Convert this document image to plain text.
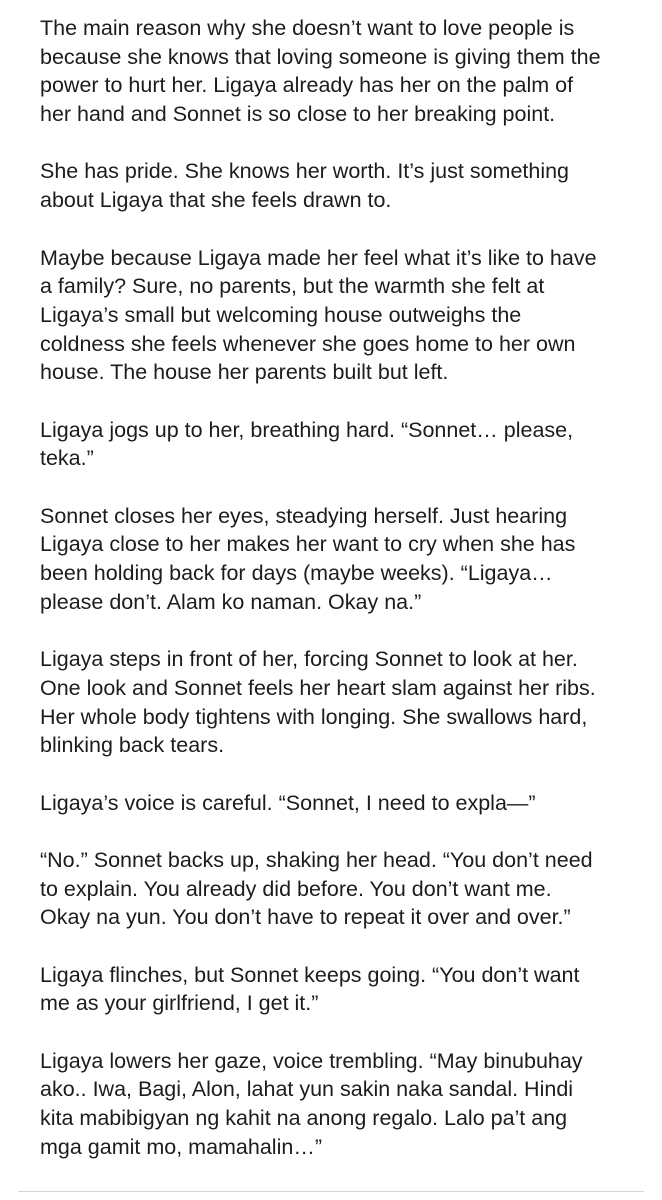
The main reason why she doesn’t want to love people is
because she knows that loving someone is giving them the
power to hurt her. Ligaya already has her on the palm of
her hand and Sonnet is so close to her breaking point.
She has pride. She knows her worth. It’s just something
about Ligaya that she feels drawn to.
Maybe because Ligaya made her feel what it’s like to have
a family? Sure, no parents, but the warmth she felt at
Ligaya’s small but welcoming house outweighs the
coldness she feels whenever she goes home to her own
house. The house her parents built but left.
Ligaya jogs up to her, breathing hard. “Sonnet… please,
teka.”
Sonnet closes her eyes, steadying herself. Just hearing
Ligaya close to her makes her want to cry when she has
been holding back for days (maybe weeks). “Ligaya…
please don’t. Alam ko naman. Okay na.”
Ligaya steps in front of her, forcing Sonnet to look at her.
One look and Sonnet feels her heart slam against her ribs.
Her whole body tightens with longing. She swallows hard,
blinking back tears.
Ligaya’s voice is careful. “Sonnet, I need to expla—”
“No.” Sonnet backs up, shaking her head. “You don’t need
to explain. You already did before. You don’t want me.
Okay na yun. You don’t have to repeat it over and over.”
Ligaya flinches, but Sonnet keeps going. “You don’t want
me as your girlfriend, I get it.”
Ligaya lowers her gaze, voice trembling. “May binubuhay
ako.. Iwa, Bagi, Alon, lahat yun sakin naka sandal. Hindi
kita mabibigyan ng kahit na anong regalo. Lalo pa’t ang
mga gamit mo, mamahalin…”
